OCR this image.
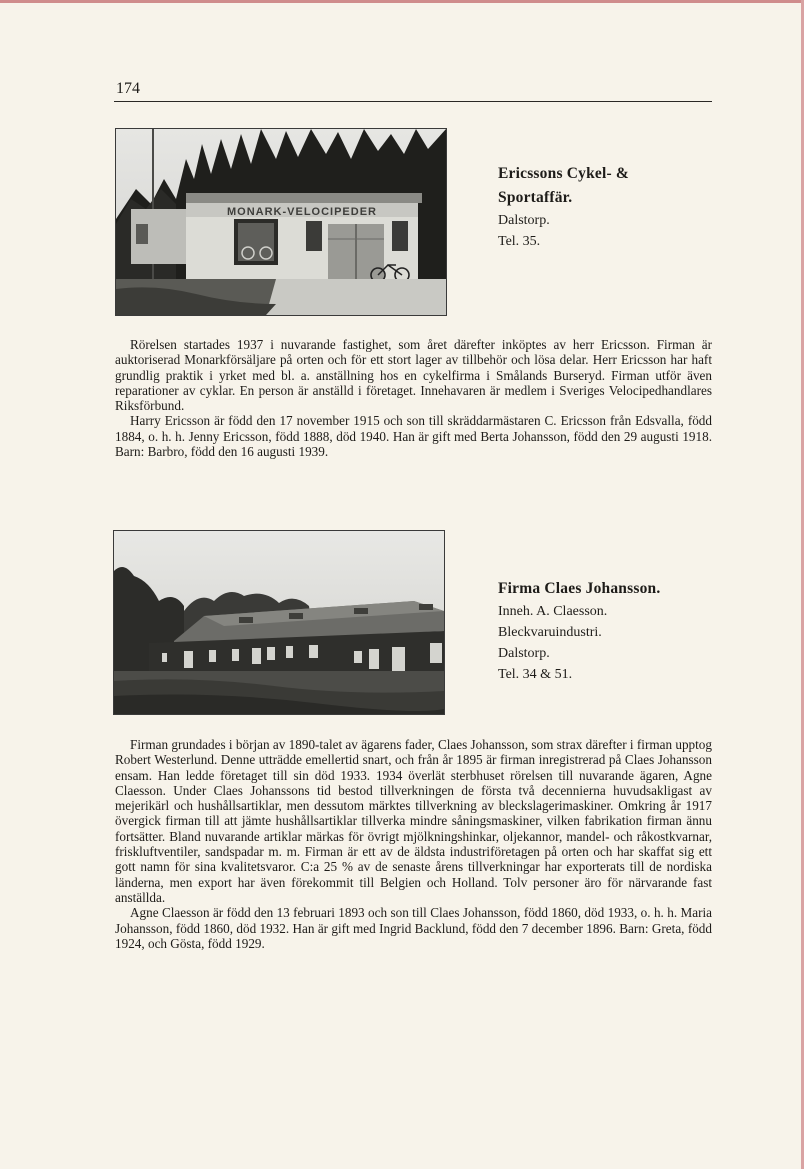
174
MONARK-VELOCIPEDER
Ericssons Cykel- &
Sportaffär.
Dalstorp.
Tel. 35.

Rörelsen startades 1937 i nuvarande fastighet, som året därefter inköptes av herr Ericsson. Firman är auktoriserad Monarkförsäljare på orten och för ett stort lager av tillbehör och lösa delar. Herr Ericsson har haft grundlig praktik i yrket med bl. a. anställning hos en cykelfirma i Smålands Burseryd. Firman utför även reparationer av cyklar. En person är anställd i företaget. Innehavaren är medlem i Sveriges Velocipedhandlares Riksförbund.

Harry Ericsson är född den 17 november 1915 och son till skräddarmästaren C. Ericsson från Edsvalla, född 1884, o. h. h. Jenny Ericsson, född 1888, död 1940. Han är gift med Berta Johansson, född den 29 augusti 1918. Barn: Barbro, född den 16 augusti 1939.

Firma Claes Johansson.
Inneh. A. Claesson.
Bleckvaruindustri.
Dalstorp.
Tel. 34 & 51.

Firman grundades i början av 1890-talet av ägarens fader, Claes Johansson, som strax därefter i firman upptog Robert Westerlund. Denne utträdde emellertid snart, och från år 1895 är firman inregistrerad på Claes Johansson ensam. Han ledde företaget till sin död 1933. 1934 överlät sterbhuset rörelsen till nuvarande ägaren, Agne Claesson. Under Claes Johanssons tid bestod tillverkningen de första två decennierna huvudsakligast av mejerikärl och hushållsartiklar, men dessutom märktes tillverkning av bleckslagerimaskiner. Omkring år 1917 övergick firman till att jämte hushållsartiklar tillverka mindre såningsmaskiner, vilken fabrikation firman ännu fortsätter. Bland nuvarande artiklar märkas för övrigt mjölkningshinkar, oljekannor, mandel- och råkostkvarnar, friskluftventiler, sandspadar m. m. Firman är ett av de äldsta industriföretagen på orten och har skaffat sig ett gott namn för sina kvalitetsvaror. C:a 25 % av de senaste årens tillverkningar har exporterats till de nordiska länderna, men export har även förekommit till Belgien och Holland. Tolv personer äro för närvarande fast anställda.

Agne Claesson är född den 13 februari 1893 och son till Claes Johansson, född 1860, död 1933, o. h. h. Maria Johansson, född 1860, död 1932. Han är gift med Ingrid Backlund, född den 7 december 1896. Barn: Greta, född 1924, och Gösta, född 1929.
